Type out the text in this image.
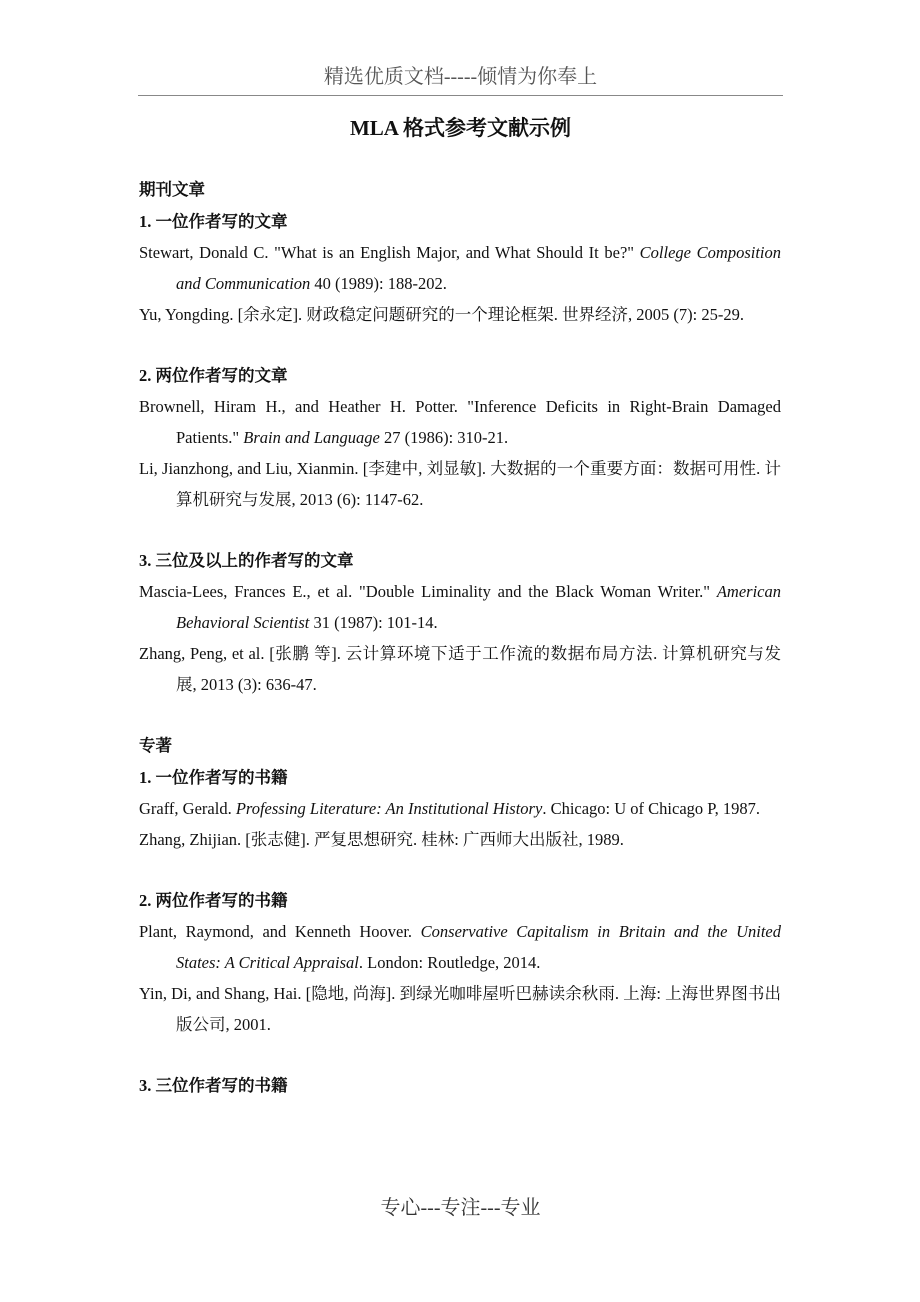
精选优质文档-----倾情为你奉上
MLA 格式参考文献示例
期刊文章
1. 一位作者写的文章
Stewart, Donald C. "What is an English Major, and What Should It be?" College Composition and Communication 40 (1989): 188-202.
Yu, Yongding. [余永定]. 财政稳定问题研究的一个理论框架. 世界经济, 2005 (7): 25-29.
2. 两位作者写的文章
Brownell, Hiram H., and Heather H. Potter. "Inference Deficits in Right-Brain Damaged Patients." Brain and Language 27 (1986): 310-21.
Li, Jianzhong, and Liu, Xianmin. [李建中, 刘显敏]. 大数据的一个重要方面：数据可用性. 计算机研究与发展, 2013 (6): 1147-62.
3. 三位及以上的作者写的文章
Mascia-Lees, Frances E., et al. "Double Liminality and the Black Woman Writer." American Behavioral Scientist 31 (1987): 101-14.
Zhang, Peng, et al. [张鹏 等]. 云计算环境下适于工作流的数据布局方法. 计算机研究与发展, 2013 (3): 636-47.
专著
1. 一位作者写的书籍
Graff, Gerald. Professing Literature: An Institutional History. Chicago: U of Chicago P, 1987.
Zhang, Zhijian. [张志健]. 严复思想研究. 桂林: 广西师大出版社, 1989.
2. 两位作者写的书籍
Plant, Raymond, and Kenneth Hoover. Conservative Capitalism in Britain and the United States: A Critical Appraisal. London: Routledge, 2014.
Yin, Di, and Shang, Hai. [隐地, 尚海]. 到绿光咖啡屋听巴赫读余秋雨. 上海: 上海世界图书出版公司, 2001.
3. 三位作者写的书籍
专心---专注---专业
